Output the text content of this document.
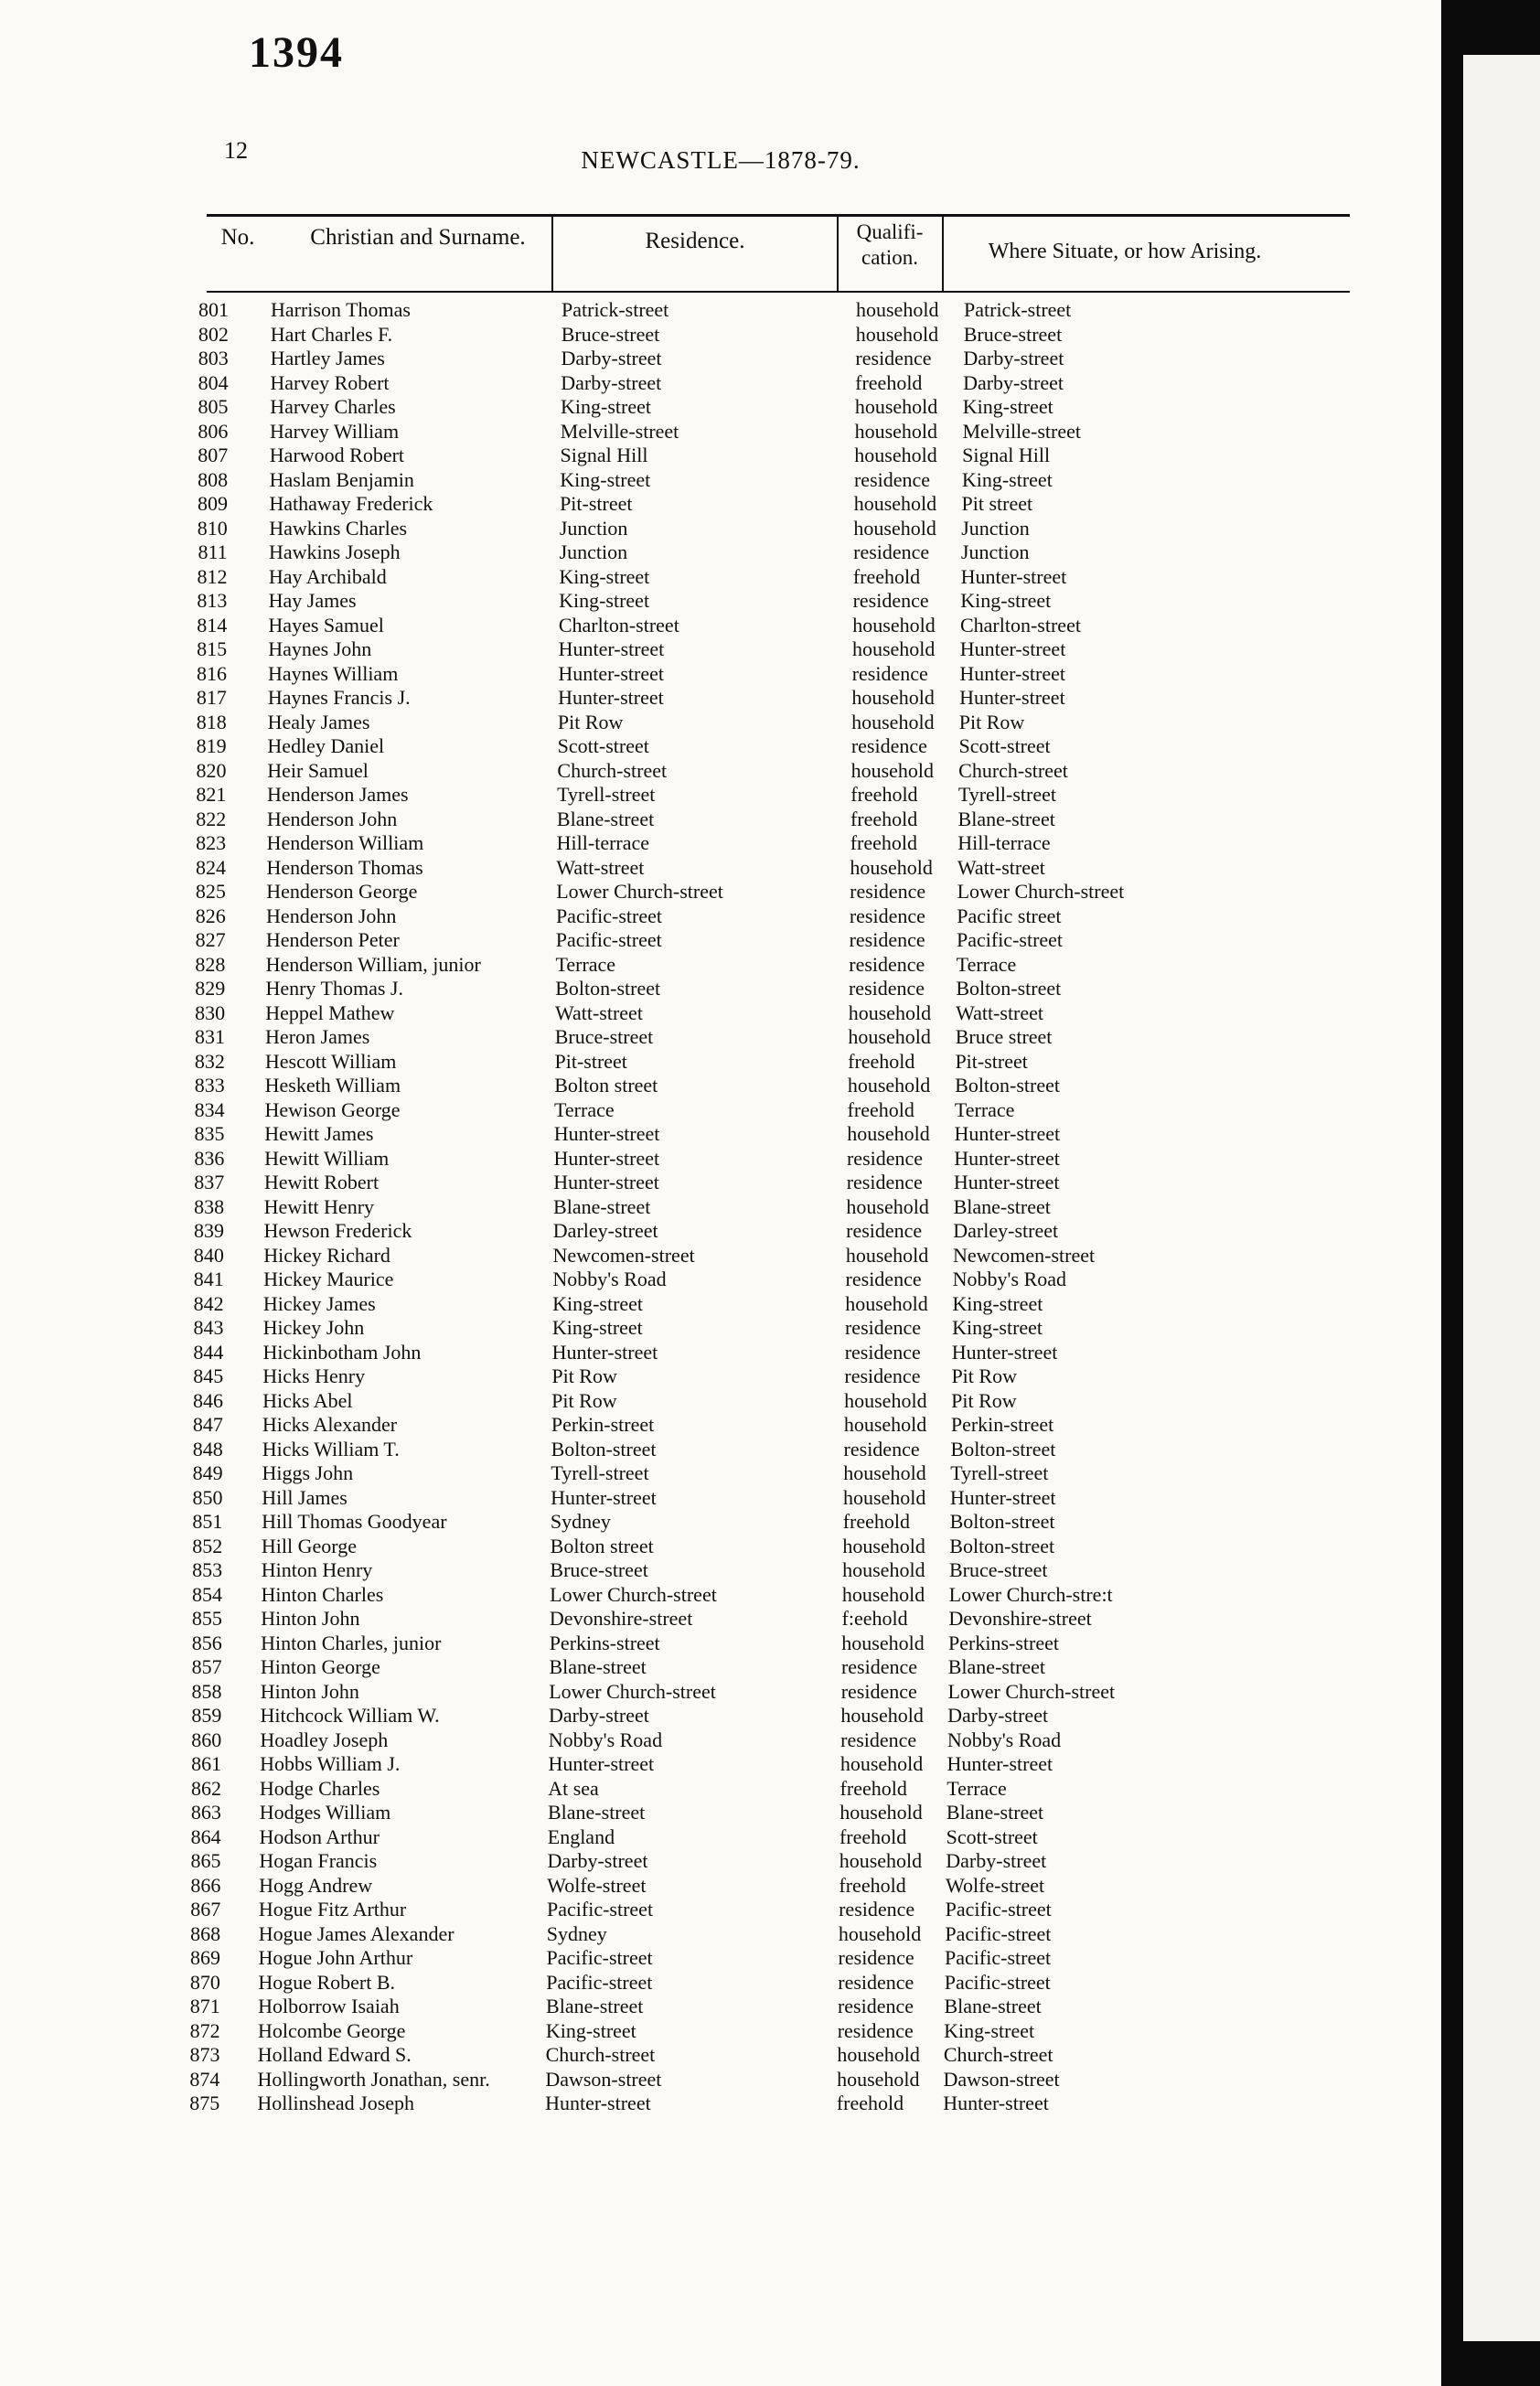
1394
12	NEWCASTLE—1878-79.
No.	Christian and Surname.	Residence.	Qualifi-
cation.	Where Situate, or how Arising.
801 Harrison Thomas	Patrick-street	household Patrick-street
802 Hart Charles F.	Bruce-street	household Bruce-street
803 Hartley James	Darby-street	residence Darby-street
804 Harvey Robert	Darby-street	freehold Darby-street
805 Harvey Charles	King-street	household King-street
806 Harvey William	Melville-street	household Melville-street
807 Harwood Robert	Signal Hill	household Signal Hill
808 Haslam Benjamin	King-street	residence King-street
809 Hathaway Frederick	Pit-street	household Pit street
810 Hawkins Charles	Junction	household Junction
811 Hawkins Joseph	Junction	residence Junction
812 Hay Archibald	King-street	freehold Hunter-street
813 Hay James	King-street	residence King-street
814 Hayes Samuel	Charlton-street	household Charlton-street
815 Haynes John	Hunter-street	household Hunter-street
816 Haynes William	Hunter-street	residence Hunter-street
817 Haynes Francis J.	Hunter-street	household Hunter-street
818 Healy James	Pit Row	household Pit Row
819 Hedley Daniel	Scott-street	residence Scott-street
820 Heir Samuel	Church-street	household Church-street
821 Henderson James	Tyrell-street	freehold Tyrell-street
822 Henderson John	Blane-street	freehold Blane-street
823 Henderson William	Hill-terrace	freehold Hill-terrace
824 Henderson Thomas	Watt-street	household Watt-street
825 Henderson George	Lower Church-street	residence Lower Church-street
826 Henderson John	Pacific-street	residence Pacific street
827 Henderson Peter	Pacific-street	residence Pacific-street
828 Henderson William, junior	Terrace	residence Terrace
829 Henry Thomas J.	Bolton-street	residence Bolton-street
830 Heppel Mathew	Watt-street	household Watt-street
831 Heron James	Bruce-street	household Bruce street
832 Hescott William	Pit-street	freehold Pit-street
833 Hesketh William	Bolton street	household Bolton-street
834 Hewison George	Terrace	freehold Terrace
835 Hewitt James	Hunter-street	household Hunter-street
836 Hewitt William	Hunter-street	residence Hunter-street
837 Hewitt Robert	Hunter-street	residence Hunter-street
838 Hewitt Henry	Blane-street	household Blane-street
839 Hewson Frederick	Darley-street	residence Darley-street
840 Hickey Richard	Newcomen-street	household Newcomen-street
841 Hickey Maurice	Nobby's Road	residence Nobby's Road
842 Hickey James	King-street	household King-street
843 Hickey John	King-street	residence King-street
844 Hickinbotham John	Hunter-street	residence Hunter-street
845 Hicks Henry	Pit Row	residence Pit Row
846 Hicks Abel	Pit Row	household Pit Row
847 Hicks Alexander	Perkin-street	household Perkin-street
848 Hicks William T.	Bolton-street	residence Bolton-street
849 Higgs John	Tyrell-street	household Tyrell-street
850 Hill James	Hunter-street	household Hunter-street
851 Hill Thomas Goodyear	Sydney	freehold Bolton-street
852 Hill George	Bolton street	household Bolton-street
853 Hinton Henry	Bruce-street	household Bruce-street
854 Hinton Charles	Lower Church-street	household Lower Church-stre:t
855 Hinton John	Devonshire-street	f:eehold Devonshire-street
856 Hinton Charles, junior	Perkins-street	household Perkins-street
857 Hinton George	Blane-street	residence Blane-street
858 Hinton John	Lower Church-street	residence Lower Church-street
859 Hitchcock William W.	Darby-street	household Darby-street
860 Hoadley Joseph	Nobby's Road	residence Nobby's Road
861 Hobbs William J.	Hunter-street	household Hunter-street
862 Hodge Charles	At sea	freehold Terrace
863 Hodges William	Blane-street	household Blane-street
864 Hodson Arthur	England	freehold Scott-street
865 Hogan Francis	Darby-street	household Darby-street
866 Hogg Andrew	Wolfe-street	freehold Wolfe-street
867 Hogue Fitz Arthur	Pacific-street	residence Pacific-street
868 Hogue James Alexander	Sydney	household Pacific-street
869 Hogue John Arthur	Pacific-street	residence Pacific-street
870 Hogue Robert B.	Pacific-street	residence Pacific-street
871 Holborrow Isaiah	Blane-street	residence Blane-street
872 Holcombe George	King-street	residence King-street
873 Holland Edward S.	Church-street	household Church-street
874 Hollingworth Jonathan, senr.	Dawson-street	household Dawson-street
875 Hollinshead Joseph	Hunter-street	freehold Hunter-street
